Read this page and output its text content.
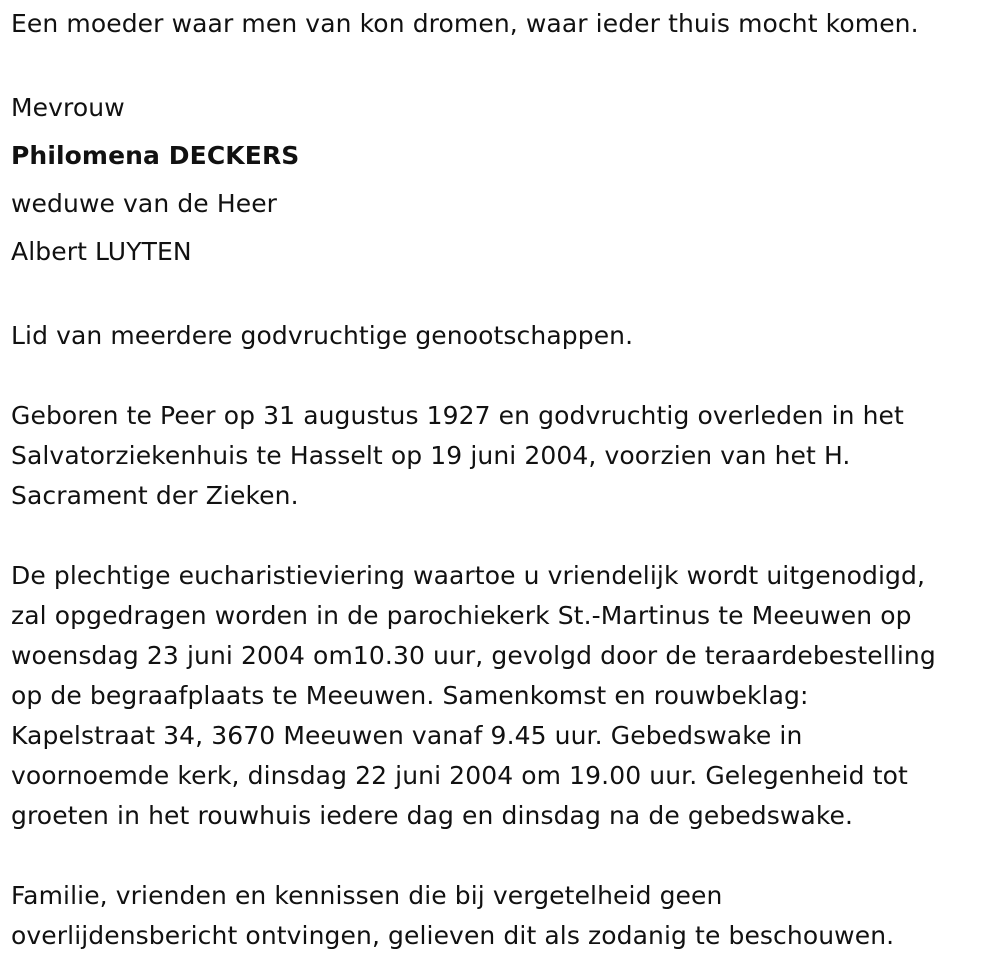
Een moeder waar men van kon dromen, waar ieder thuis mocht komen.
Mevrouw
Philomena DECKERS
weduwe van de Heer
Albert LUYTEN
Lid van meerdere godvruchtige genootschappen.
Geboren te Peer op 31 augustus 1927 en godvruchtig overleden in het
Salvatorziekenhuis te Hasselt op 19 juni 2004, voorzien van het H.
Sacrament der Zieken.
De plechtige eucharistieviering waartoe u vriendelijk wordt uitgenodigd,
zal opgedragen worden in de parochiekerk St.-Martinus te Meeuwen op
woensdag 23 juni 2004 om10.30 uur, gevolgd door de teraardebestelling
op de begraafplaats te Meeuwen. Samenkomst en rouwbeklag:
Kapelstraat 34, 3670 Meeuwen vanaf 9.45 uur. Gebedswake in
voornoemde kerk, dinsdag 22 juni 2004 om 19.00 uur. Gelegenheid tot
groeten in het rouwhuis iedere dag en dinsdag na de gebedswake.
Familie, vrienden en kennissen die bij vergetelheid geen
overlijdensbericht ontvingen, gelieven dit als zodanig te beschouwen.
